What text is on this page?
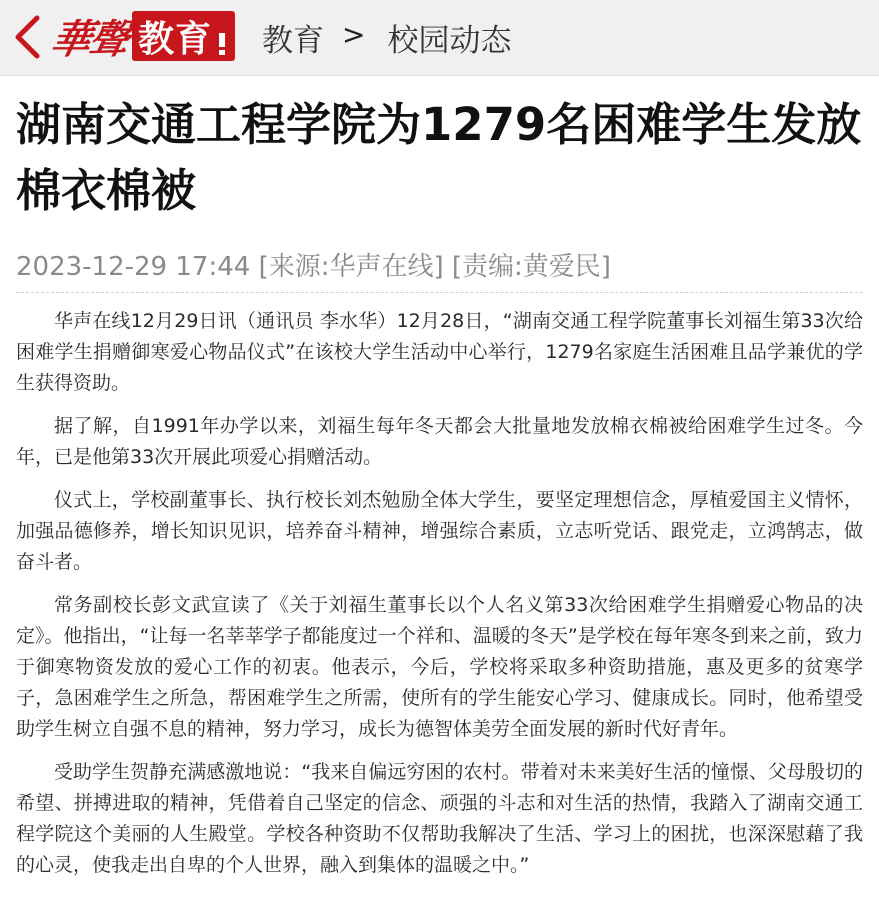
華聲 教育 教育 > 校园动态
湖南交通工程学院为1279名困难学生发放棉衣棉被
2023-12-29 17:44 [来源:华声在线] [责编:黄爱民]

华声在线12月29日讯（通讯员 李水华）12月28日，“湖南交通工程学院董事长刘福生第33次给困难学生捐赠御寒爱心物品仪式”在该校大学生活动中心举行，1279名家庭生活困难且品学兼优的学生获得资助。

据了解，自1991年办学以来，刘福生每年冬天都会大批量地发放棉衣棉被给困难学生过冬。今年，已是他第33次开展此项爱心捐赠活动。

仪式上，学校副董事长、执行校长刘杰勉励全体大学生，要坚定理想信念，厚植爱国主义情怀，加强品德修养，增长知识见识，培养奋斗精神，增强综合素质，立志听党话、跟党走，立鸿鹄志，做奋斗者。

常务副校长彭文武宣读了《关于刘福生董事长以个人名义第33次给困难学生捐赠爱心物品的决定》。他指出，“让每一名莘莘学子都能度过一个祥和、温暖的冬天”是学校在每年寒冬到来之前，致力于御寒物资发放的爱心工作的初衷。他表示，今后，学校将采取多种资助措施，惠及更多的贫寒学子，急困难学生之所急，帮困难学生之所需，使所有的学生能安心学习、健康成长。同时，他希望受助学生树立自强不息的精神，努力学习，成长为德智体美劳全面发展的新时代好青年。

受助学生贺静充满感激地说：“我来自偏远穷困的农村。带着对未来美好生活的憧憬、父母殷切的希望、拼搏进取的精神，凭借着自己坚定的信念、顽强的斗志和对生活的热情，我踏入了湖南交通工程学院这个美丽的人生殿堂。学校各种资助不仅帮助我解决了生活、学习上的困扰，也深深慰藉了我的心灵，使我走出自卑的个人世界，融入到集体的温暖之中。”
